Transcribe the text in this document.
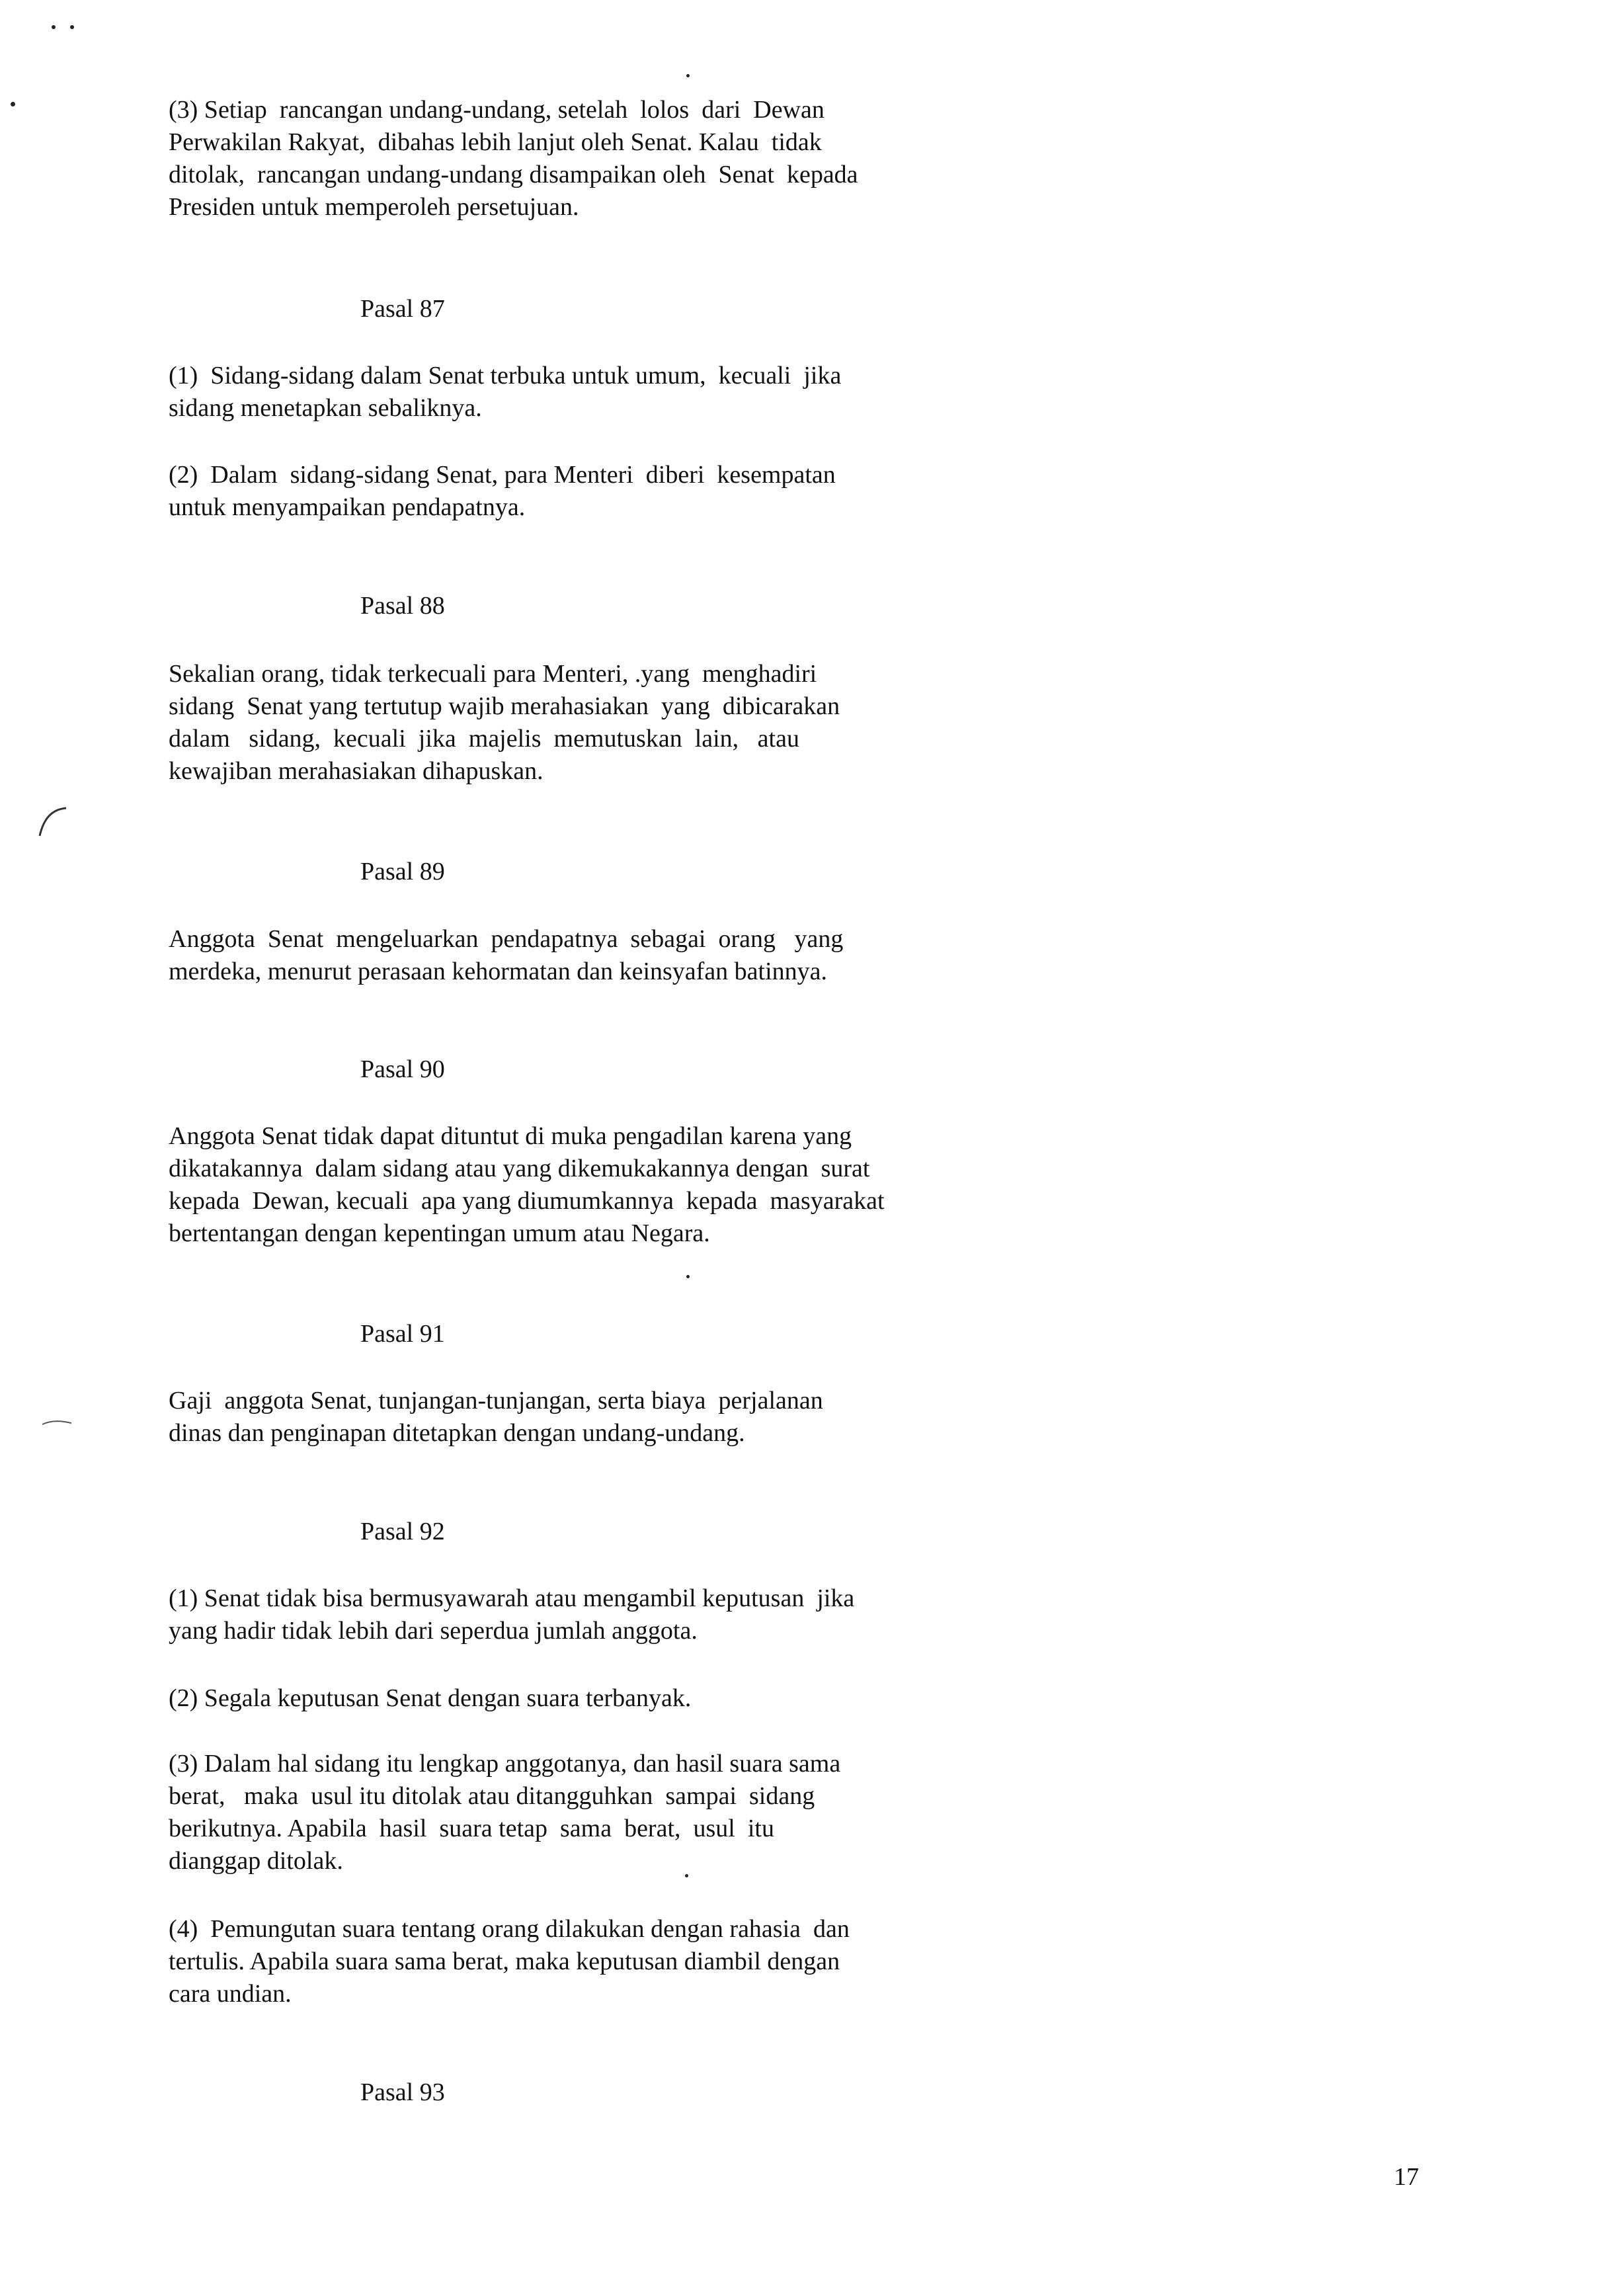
(3) Setiap  rancangan undang-undang, setelah  lolos  dari  Dewan

Perwakilan Rakyat,  dibahas lebih lanjut oleh Senat. Kalau  tidak

ditolak,  rancangan undang-undang disampaikan oleh  Senat  kepada

Presiden untuk memperoleh persetujuan.

Pasal 87

(1)  Sidang-sidang dalam Senat terbuka untuk umum,  kecuali  jika

sidang menetapkan sebaliknya.

(2)  Dalam  sidang-sidang Senat, para Menteri  diberi  kesempatan

untuk menyampaikan pendapatnya.

Pasal 88

Sekalian orang, tidak terkecuali para Menteri, .yang  menghadiri

sidang  Senat yang tertutup wajib merahasiakan  yang  dibicarakan

dalam   sidang,  kecuali  jika  majelis  memutuskan  lain,   atau

kewajiban merahasiakan dihapuskan.

Pasal 89

Anggota  Senat  mengeluarkan  pendapatnya  sebagai  orang   yang

merdeka, menurut perasaan kehormatan dan keinsyafan batinnya.

Pasal 90

Anggota Senat tidak dapat dituntut di muka pengadilan karena yang

dikatakannya  dalam sidang atau yang dikemukakannya dengan  surat

kepada  Dewan, kecuali  apa yang diumumkannya  kepada  masyarakat

bertentangan dengan kepentingan umum atau Negara.

Pasal 91

Gaji  anggota Senat, tunjangan-tunjangan, serta biaya  perjalanan

dinas dan penginapan ditetapkan dengan undang-undang.

Pasal 92

(1) Senat tidak bisa bermusyawarah atau mengambil keputusan  jika

yang hadir tidak lebih dari seperdua jumlah anggota.

(2) Segala keputusan Senat dengan suara terbanyak.

(3) Dalam hal sidang itu lengkap anggotanya, dan hasil suara sama

berat,   maka  usul itu ditolak atau ditangguhkan  sampai  sidang

berikutnya. Apabila  hasil  suara tetap  sama  berat,  usul  itu

dianggap ditolak.

(4)  Pemungutan suara tentang orang dilakukan dengan rahasia  dan

tertulis. Apabila suara sama berat, maka keputusan diambil dengan

cara undian.

Pasal 93
17
